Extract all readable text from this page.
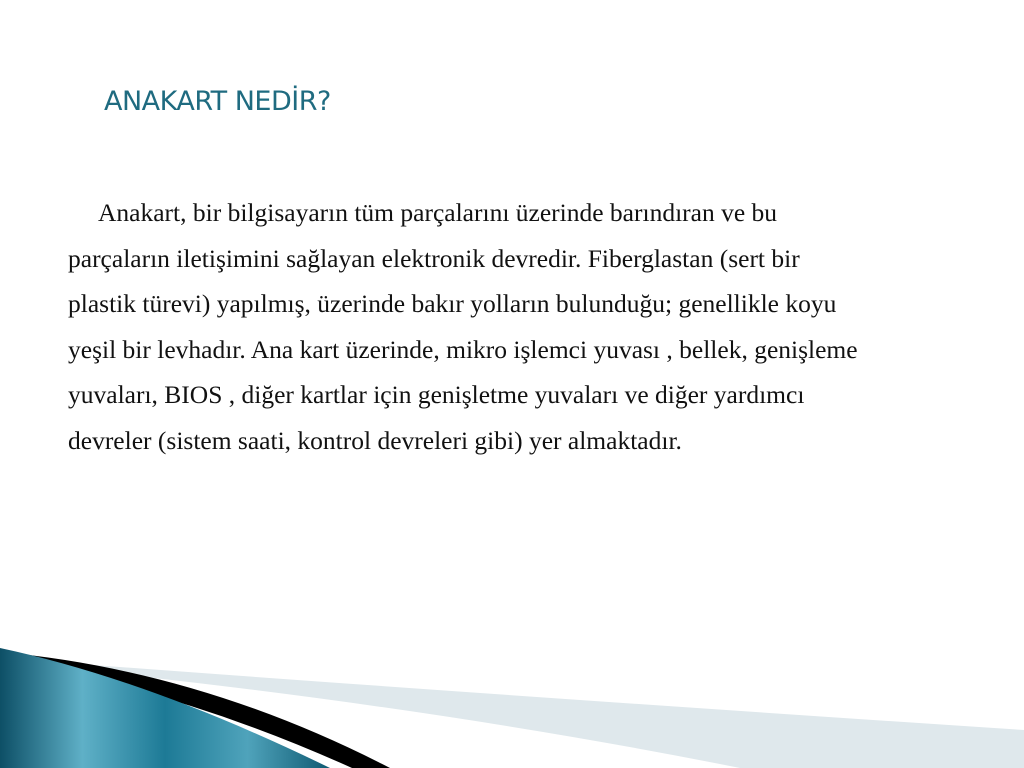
ANAKART NEDİR?

Anakart, bir bilgisayarın tüm parçalarını üzerinde barındıran ve bu
parçaların iletişimini sağlayan elektronik devredir. Fiberglastan (sert bir
plastik türevi) yapılmış, üzerinde bakır yolların bulunduğu; genellikle koyu
yeşil bir levhadır. Ana kart üzerinde, mikro işlemci yuvası , bellek, genişleme
yuvaları, BIOS , diğer kartlar için genişletme yuvaları ve diğer yardımcı
devreler (sistem saati, kontrol devreleri gibi) yer almaktadır.
